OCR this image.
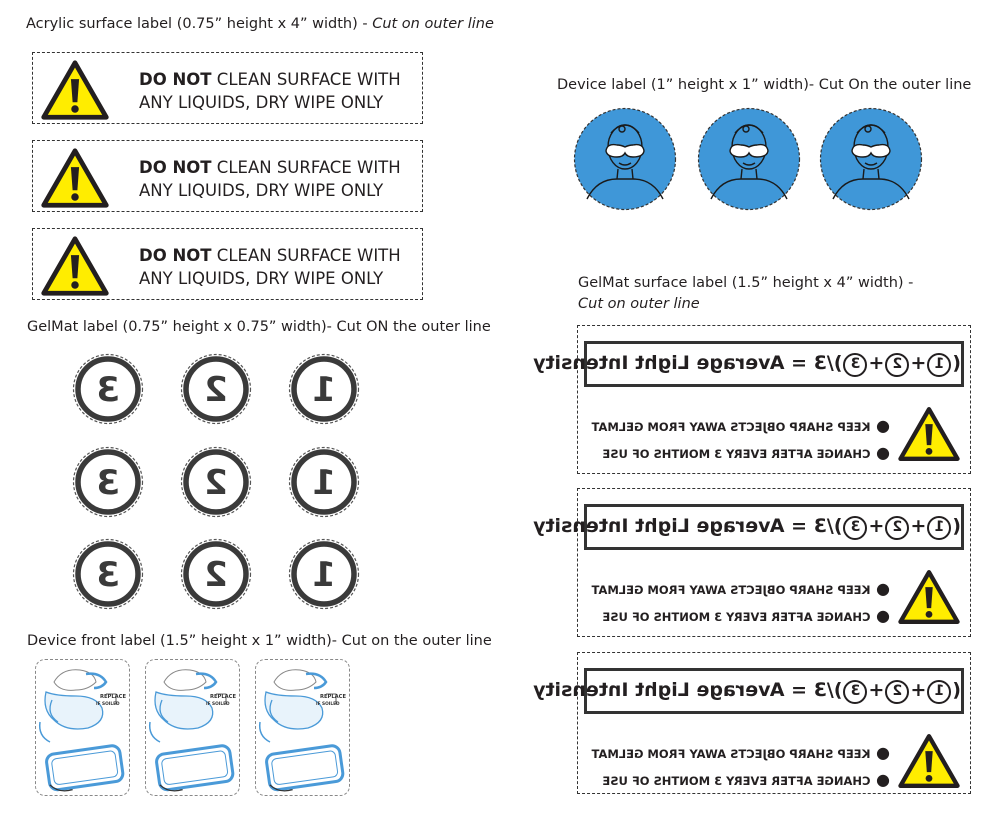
Acrylic surface label (0.75” height x 4” width) - Cut on outer line
DO NOT CLEAN SURFACE WITH
ANY LIQUIDS, DRY WIPE ONLY
DO NOT CLEAN SURFACE WITH
ANY LIQUIDS, DRY WIPE ONLY
DO NOT CLEAN SURFACE WITH
ANY LIQUIDS, DRY WIPE ONLY
GelMat label (0.75” height x 0.75” width)- Cut ON the outer line
3 2 1
3 2 1
3 2 1
Device front label (1.5” height x 1” width)- Cut on the outer line
REPLACE
IF SOILED
REPLACE
IF SOILED
REPLACE
IF SOILED
Device label (1” height x 1” width)- Cut On the outer line
GelMat surface label (1.5” height x 4” width) -
Cut on outer line
(1+2+3)/3 = Average Light Intensity
● KEEP SHARP OBJECTS AWAY FROM GELMAT
● CHANGE AFTER EVERY 3 MONTHS OF USE
(1+2+3)/3 = Average Light Intensity
● KEEP SHARP OBJECTS AWAY FROM GELMAT
● CHANGE AFTER EVERY 3 MONTHS OF USE
(1+2+3)/3 = Average Light Intensity
● KEEP SHARP OBJECTS AWAY FROM GELMAT
● CHANGE AFTER EVERY 3 MONTHS OF USE
